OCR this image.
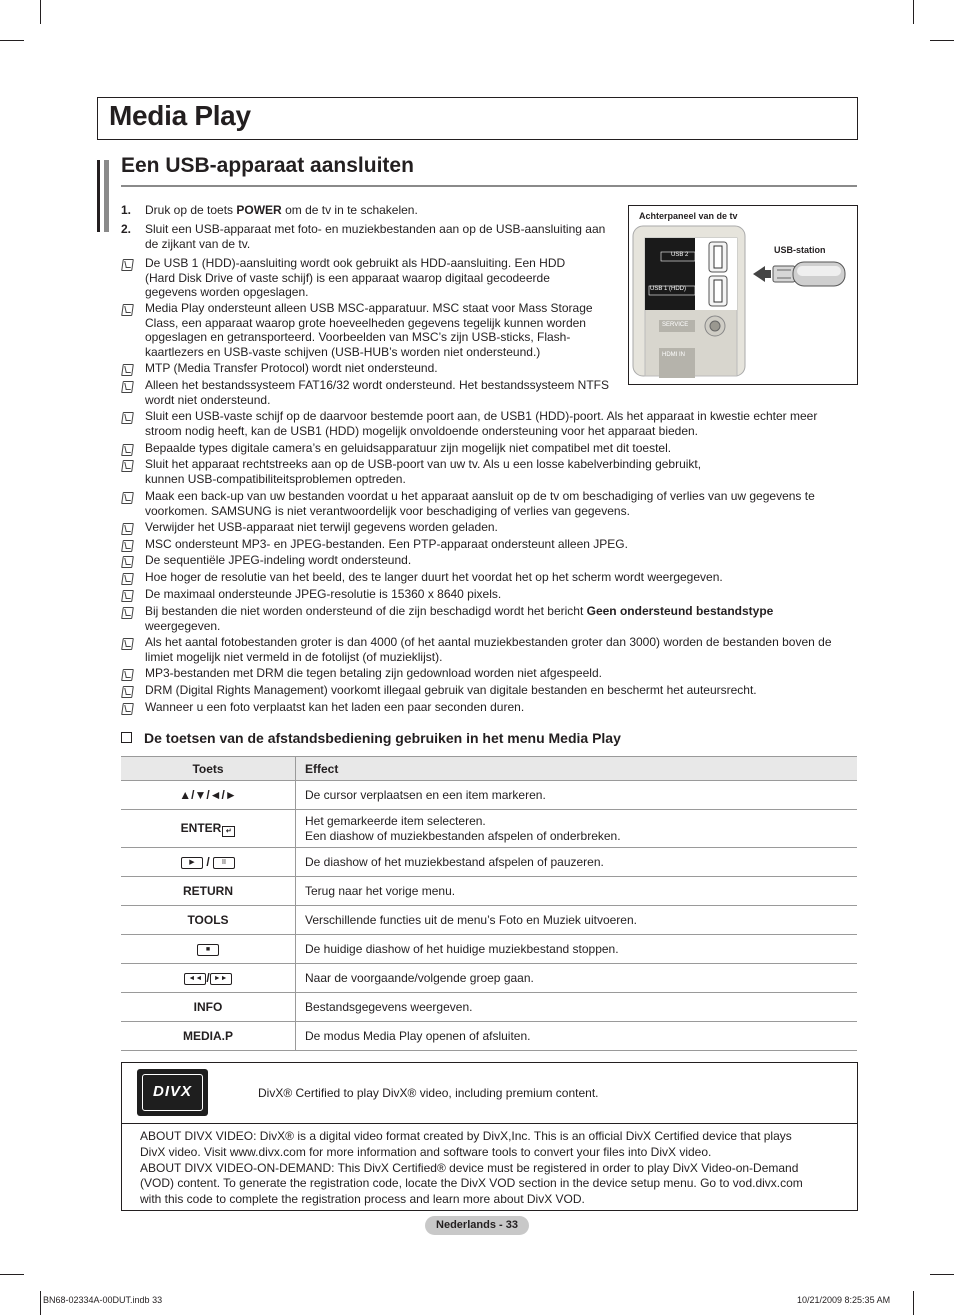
Media Play
Een USB-apparaat aansluiten
1. Druk op de toets POWER om de tv in te schakelen.
2. Sluit een USB-apparaat met foto- en muziekbestanden aan op de USB-aansluiting aan
de zijkant van de tv.
De USB 1 (HDD)-aansluiting wordt ook gebruikt als HDD-aansluiting. Een HDD
(Hard Disk Drive of vaste schijf) is een apparaat waarop digitaal gecodeerde
gegevens worden opgeslagen.
Media Play ondersteunt alleen USB MSC-apparatuur. MSC staat voor Mass Storage
Class, een apparaat waarop grote hoeveelheden gegevens tegelijk kunnen worden
opgeslagen en getransporteerd. Voorbeelden van MSC’s zijn USB-sticks, Flash-
kaartlezers en USB-vaste schijven (USB-HUB’s worden niet ondersteund.)
MTP (Media Transfer Protocol) wordt niet ondersteund.
Alleen het bestandssysteem FAT16/32 wordt ondersteund. Het bestandssysteem NTFS
wordt niet ondersteund.
Sluit een USB-vaste schijf op de daarvoor bestemde poort aan, de USB1 (HDD)-poort. Als het apparaat in kwestie echter meer
stroom nodig heeft, kan de USB1 (HDD) mogelijk onvoldoende ondersteuning voor het apparaat bieden.
Bepaalde types digitale camera’s en geluidsapparatuur zijn mogelijk niet compatibel met dit toestel.
Sluit het apparaat rechtstreeks aan op de USB-poort van uw tv. Als u een losse kabelverbinding gebruikt,
kunnen USB-compatibiliteitsproblemen optreden.
Maak een back-up van uw bestanden voordat u het apparaat aansluit op de tv om beschadiging of verlies van uw gegevens te
voorkomen. SAMSUNG is niet verantwoordelijk voor beschadiging of verlies van gegevens.
Verwijder het USB-apparaat niet terwijl gegevens worden geladen.
MSC ondersteunt MP3- en JPEG-bestanden. Een PTP-apparaat ondersteunt alleen JPEG.
De sequentiële JPEG-indeling wordt ondersteund.
Hoe hoger de resolutie van het beeld, des te langer duurt het voordat het op het scherm wordt weergegeven.
De maximaal ondersteunde JPEG-resolutie is 15360 x 8640 pixels.
Bij bestanden die niet worden ondersteund of die zijn beschadigd wordt het bericht Geen ondersteund bestandstype
weergegeven.
Als het aantal fotobestanden groter is dan 4000 (of het aantal muziekbestanden groter dan 3000) worden de bestanden boven de
limiet mogelijk niet vermeld in de fotolijst (of muzieklijst).
MP3-bestanden met DRM die tegen betaling zijn gedownload worden niet afgespeeld.
DRM (Digital Rights Management) voorkomt illegaal gebruik van digitale bestanden en beschermt het auteursrecht.
Wanneer u een foto verplaatst kan het laden een paar seconden duren.
Achterpaneel van de tv
USB-station
USB 2
USB 1 (HDD)
SERVICE
HDMI IN
De toetsen van de afstandsbediening gebruiken in het menu Media Play
Toets	Effect
▲/▼/◄/►	De cursor verplaatsen en een item markeren.

ENTER ↵	Het gemarkeerde item selecteren.
Een diashow of muziekbestanden afspelen of onderbreken.

▶ / II	De diashow of het muziekbestand afspelen of pauzeren.

RETURN	Terug naar het vorige menu.

TOOLS	Verschillende functies uit de menu’s Foto en Muziek uitvoeren.

■	De huidige diashow of het huidige muziekbestand stoppen.

◄◄ / ►►	Naar de voorgaande/volgende groep gaan.

INFO	Bestandsgegevens weergeven.

MEDIA.P	De modus Media Play openen of afsluiten.
DIVX	DivX® Certified to play DivX® video, including premium content.
ABOUT DIVX VIDEO: DivX® is a digital video format created by DivX,Inc. This is an official DivX Certified device that plays
DivX video. Visit www.divx.com for more information and software tools to convert your files into DivX video.
ABOUT DIVX VIDEO-ON-DEMAND: This DivX Certified® device must be registered in order to play DivX Video-on-Demand
(VOD) content. To generate the registration code, locate the DivX VOD section in the device setup menu. Go to vod.divx.com
with this code to complete the registration process and learn more about DivX VOD.
Nederlands - 33
BN68-02334A-00DUT.indb 33	10/21/2009 8:25:35 AM
